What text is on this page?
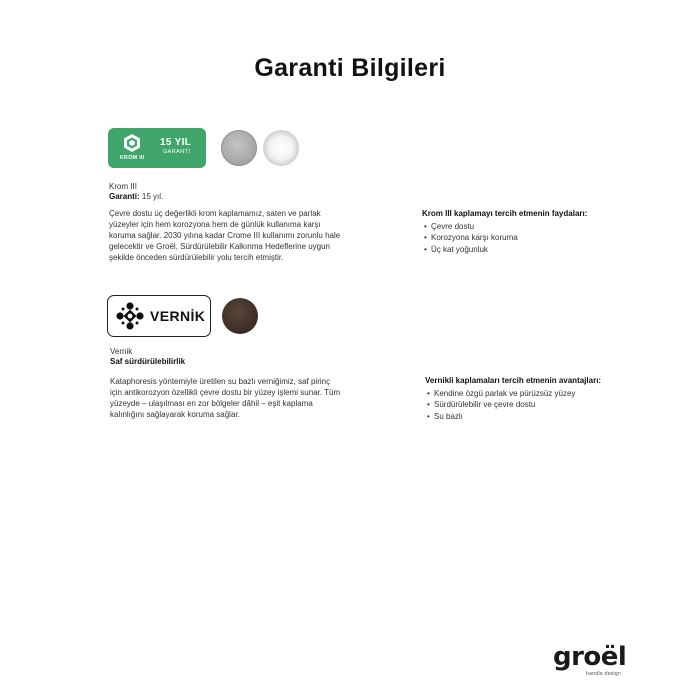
Garanti Bilgileri
KROM III
15 YIL
GARANTİ
Krom III
Garanti: 15 yıl.
Çevre dostu üç değerlikli krom kaplamamız, saten ve parlak
yüzeyler için hem korozyona hem de günlük kullanıma karşı
koruma sağlar. 2030 yılına kadar Crome III kullanımı zorunlu hale
gelecektir ve Groël, Sürdürülebilir Kalkınma Hedeflerine uygun
şekilde önceden sürdürülebilir yolu tercih etmiştir.
Krom III kaplamayı tercih etmenin faydaları:
• Çevre dostu
• Korozyona karşı koruma
• Üç kat yoğunluk
VERNİK
Vernik
Saf sürdürülebilirlik
Kataphoresis yöntemiyle üretilen su bazlı verniğimiz, saf pirinç
için antikorozyon özellikli çevre dostu bir yüzey işlemi sunar. Tüm
yüzeyde – ulaşılması en zor bölgeler dâhil – eşit kaplama
kalınlığını sağlayarak koruma sağlar.
Vernikli kaplamaları tercih etmenin avantajları:
• Kendine özgü parlak ve pürüzsüz yüzey
• Sürdürülebilir ve çevre dostu
• Su bazlı
groël
handle design
